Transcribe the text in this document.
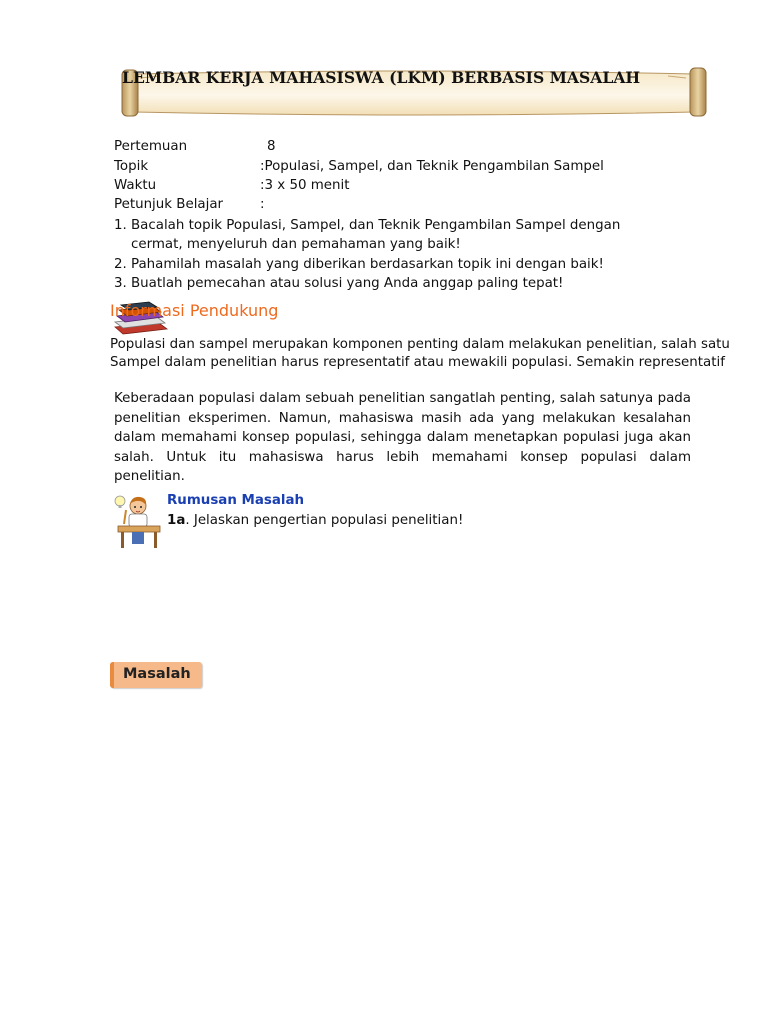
LEMBAR KERJA MAHASISWA (LKM) BERBASIS MASALAH
Pertemuan	8
Topik	:Populasi, Sampel, dan Teknik Pengambilan Sampel
Waktu	:3 x 50 menit
Petunjuk Belajar	:
1. Bacalah topik Populasi, Sampel, dan Teknik Pengambilan Sampel dengan cermat, menyeluruh dan pemahaman yang baik!
2. Pahamilah masalah yang diberikan berdasarkan topik ini dengan baik!
3. Buatlah pemecahan atau solusi yang Anda anggap paling tepat!
Informasi Pendukung
Populasi dan sampel merupakan komponen penting dalam melakukan penelitian, salah satu
Sampel dalam penelitian harus representatif atau mewakili populasi. Semakin representatif
Keberadaan populasi dalam sebuah penelitian sangatlah penting, salah satunya pada penelitian eksperimen. Namun, mahasiswa masih ada yang melakukan kesalahan dalam memahami konsep populasi, sehingga dalam menetapkan populasi juga akan salah. Untuk itu mahasiswa harus lebih memahami konsep populasi dalam penelitian.
Rumusan Masalah
1a. Jelaskan pengertian populasi penelitian!
Masalah
